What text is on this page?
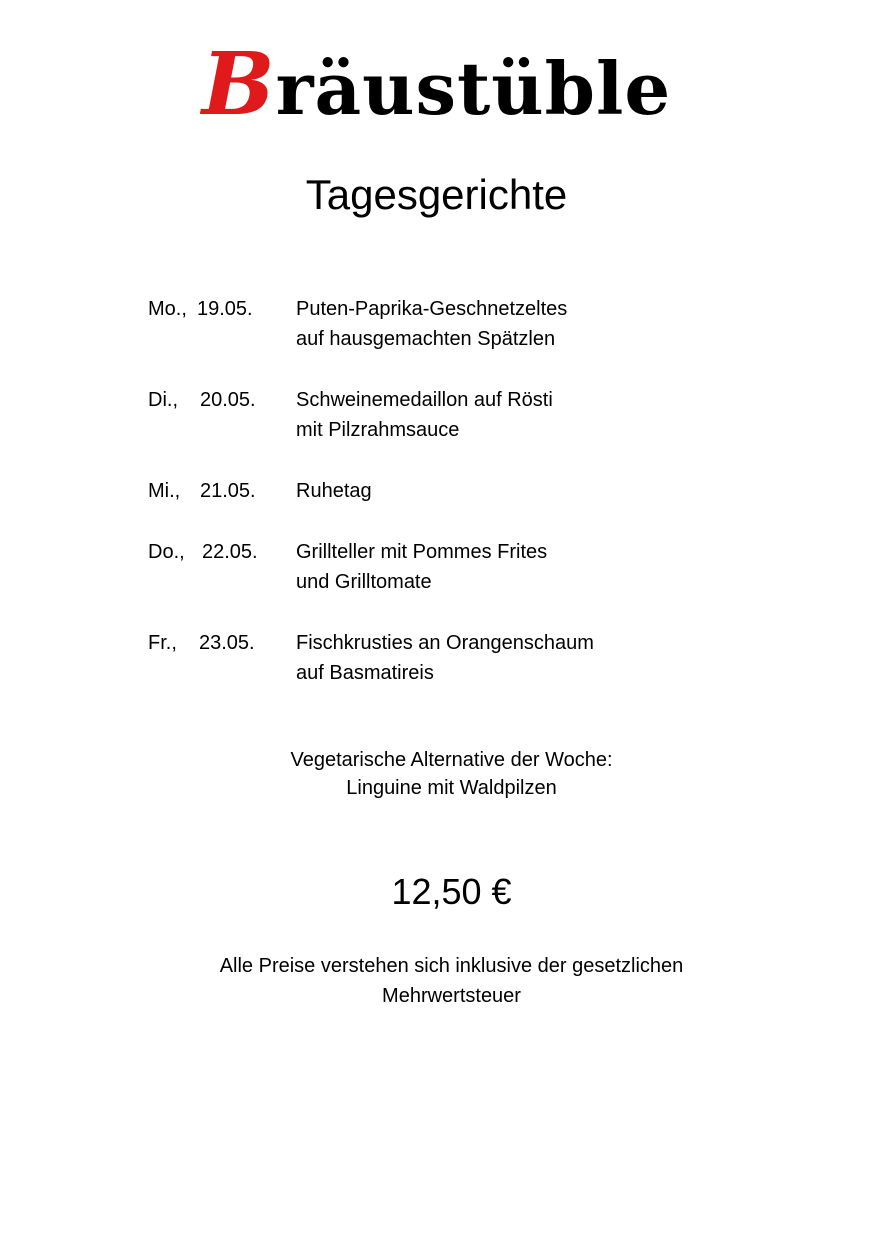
Bräustüble
Tagesgerichte
Mo., 19.05.	Puten-Paprika-Geschnetzeltes
auf hausgemachten Spätzlen
Di.,	20.05.	Schweinemedaillon auf Rösti
mit Pilzrahmsauce
Mi., 21.05.	Ruhetag
Do., 22.05.	Grillteller mit Pommes Frites
und Grilltomate
Fr.,	23.05.	Fischkrusties an Orangenschaum
auf Basmatireis
Vegetarische Alternative der Woche:
Linguine mit Waldpilzen
12,50 €
Alle Preise verstehen sich inklusive der gesetzlichen
Mehrwertsteuer
